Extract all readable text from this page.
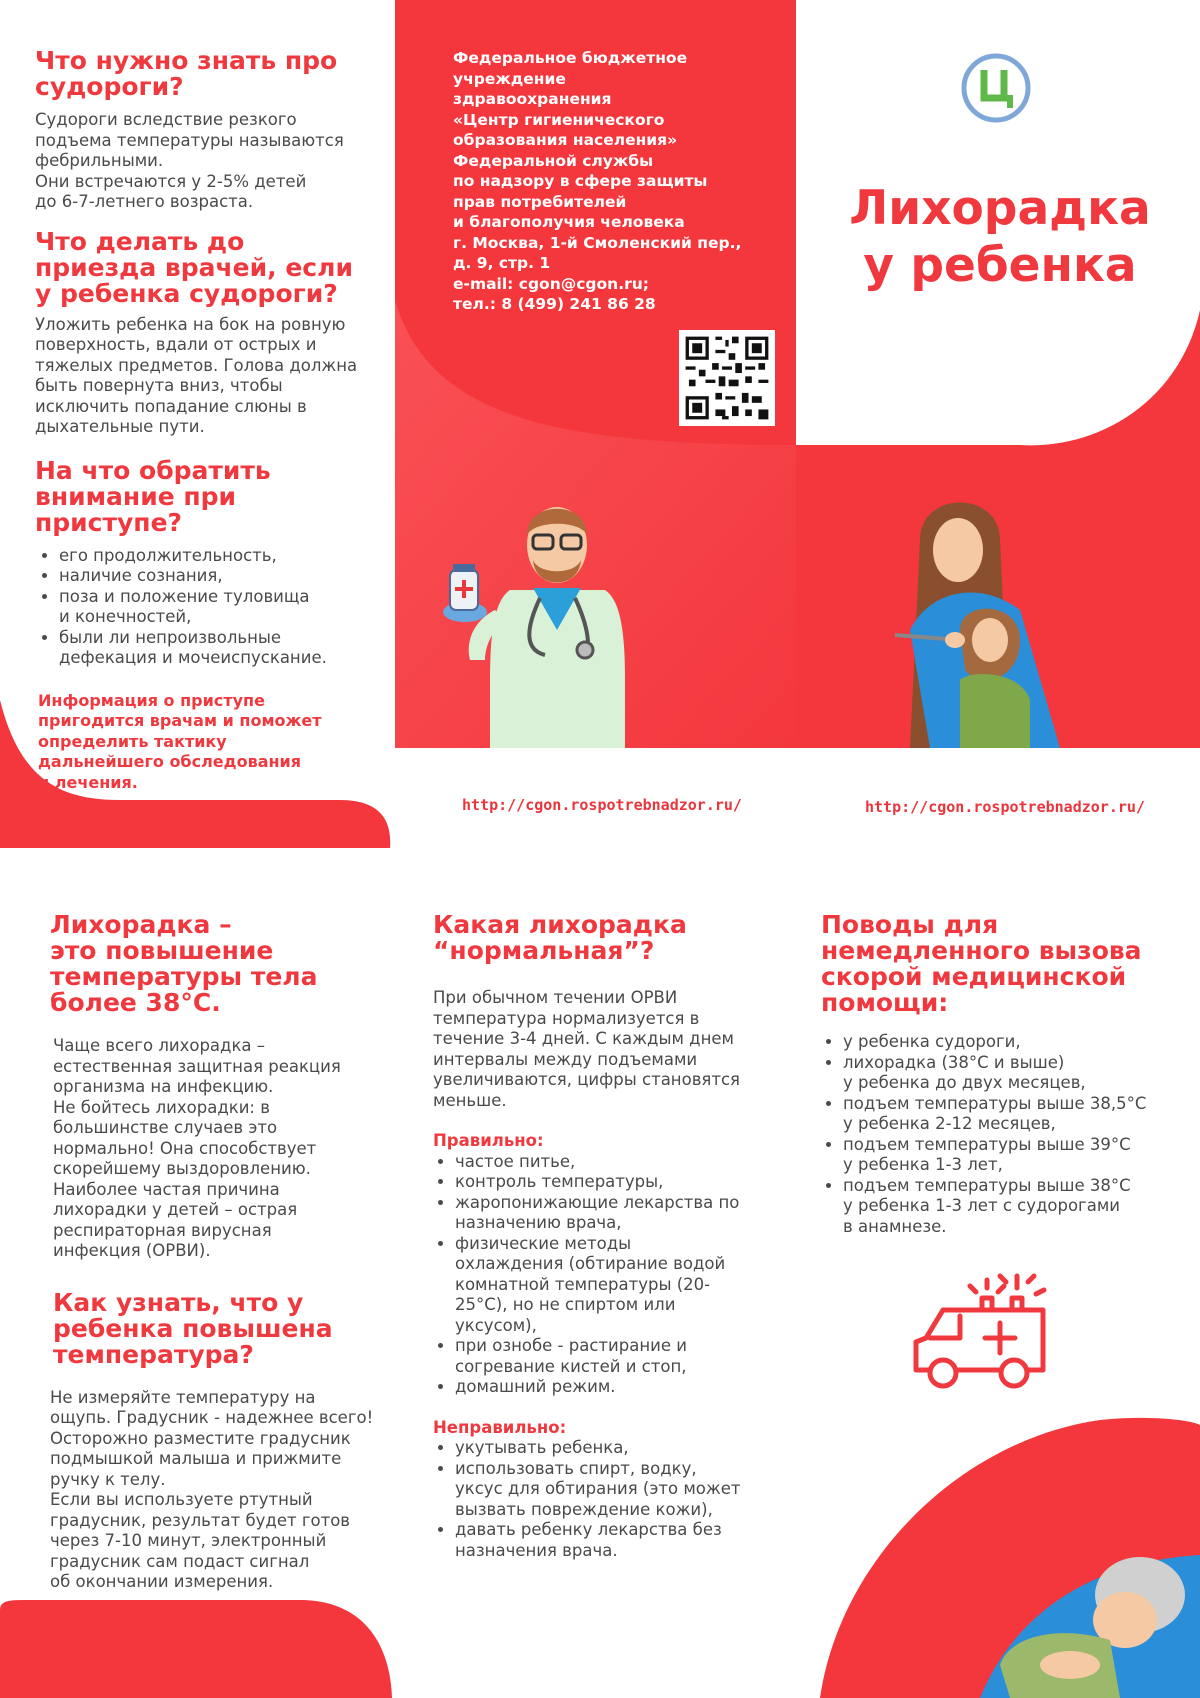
Что нужно знать про
судороги?

Судороги вследствие резкого
подъема температуры называются
фебрильными.
Они встречаются у 2-5% детей
до 6-7-летнего возраста.

Что делать до
приезда врачей, если
у ребенка судороги?

Уложить ребенка на бок на ровную
поверхность, вдали от острых и
тяжелых предметов. Голова должна
быть повернута вниз, чтобы
исключить попадание слюны в
дыхательные пути.

На что обратить
внимание при
приступе?
• его продолжительность,
• наличие сознания,
• поза и положение туловища
и конечностей,
• были ли непроизвольные
дефекация и мочеиспускание.
Информация о приступе
пригодится врачам и поможет
определить тактику
дальнейшего обследования
и лечения.
Федеральное бюджетное
учреждение
здравоохранения
«Центр гигиенического
образования населения»
Федеральной службы
по надзору в сфере защиты
прав потребителей
и благополучия человека
г. Москва, 1-й Смоленский пер.,
д. 9, стр. 1
e-mail: cgon@cgon.ru;
тел.: 8 (499) 241 86 28
Лихорадка
у ребенка
http://cgon.rospotrebnadzor.ru/	http://cgon.rospotrebnadzor.ru/
Лихорадка –
это повышение
температуры тела
более 38°С.

Чаще всего лихорадка –
естественная защитная реакция
организма на инфекцию.
Не бойтесь лихорадки: в
большинстве случаев это
нормально! Она способствует
скорейшему выздоровлению.
Наиболее частая причина
лихорадки у детей – острая
респираторная вирусная
инфекция (ОРВИ).

Как узнать, что у
ребенка повышена
температура?

Не измеряйте температуру на
ощупь. Градусник - надежнее всего!
Осторожно разместите градусник
подмышкой малыша и прижмите
ручку к телу.
Если вы используете ртутный
градусник, результат будет готов
через 7-10 минут, электронный
градусник сам подаст сигнал
об окончании измерения.

Какая лихорадка
“нормальная”?

При обычном течении ОРВИ
температура нормализуется в
течение 3-4 дней. С каждым днем
интервалы между подъемами
увеличиваются, цифры становятся
меньше.

Правильно:
• частое питье,
• контроль температуры,
• жаропонижающие лекарства по
назначению врача,
• физические методы
охлаждения (обтирание водой
комнатной температуры (20-
25°С), но не спиртом или
уксусом),
• при ознобе - растирание и
согревание кистей и стоп,
• домашний режим.
Неправильно:
• укутывать ребенка,
• использовать спирт, водку,
уксус для обтирания (это может
вызвать повреждение кожи),
• давать ребенку лекарства без
назначения врача.
Поводы для
немедленного вызова
скорой медицинской
помощи:
• у ребенка судороги,
• лихорадка (38°С и выше)
у ребенка до двух месяцев,
• подъем температуры выше 38,5°С
у ребенка 2-12 месяцев,
• подъем температуры выше 39°С
у ребенка 1-3 лет,
• подъем температуры выше 38°С
у ребенка 1-3 лет с судорогами
в анамнезе.
